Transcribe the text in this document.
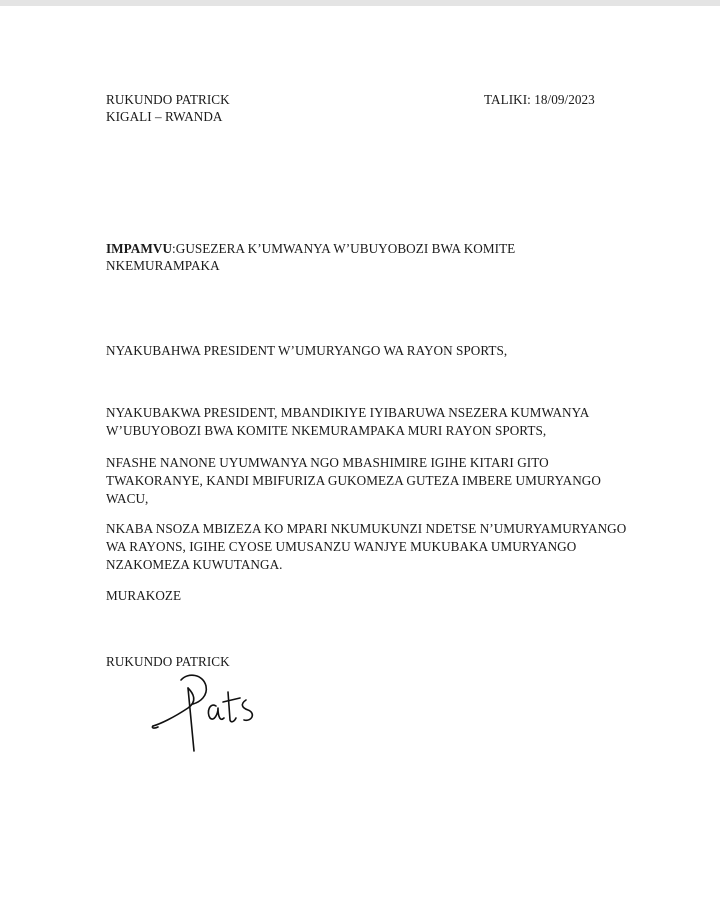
RUKUNDO PATRICK
KIGALI – RWANDA
TALIKI: 18/09/2023
IMPAMVU:GUSEZERA K’UMWANYA W’UBUYOBOZI BWA KOMITE
NKEMURAMPAKA
NYAKUBAHWA PRESIDENT W’UMURYANGO WA RAYON SPORTS,
NYAKUBAKWA PRESIDENT, MBANDIKIYE IYIBARUWA NSEZERA KUMWANYA
W’UBUYOBOZI BWA KOMITE NKEMURAMPAKA MURI RAYON SPORTS,
NFASHE NANONE UYUMWANYA NGO MBASHIMIRE IGIHE KITARI GITO
TWAKORANYE, KANDI MBIFURIZA GUKOMEZA GUTEZA IMBERE UMURYANGO
WACU,
NKABA NSOZA MBIZEZA KO MPARI NKUMUKUNZI NDETSE N’UMURYAMURYANGO
WA RAYONS, IGIHE CYOSE UMUSANZU WANJYE MUKUBAKA UMURYANGO
NZAKOMEZA KUWUTANGA.
MURAKOZE
RUKUNDO PATRICK
